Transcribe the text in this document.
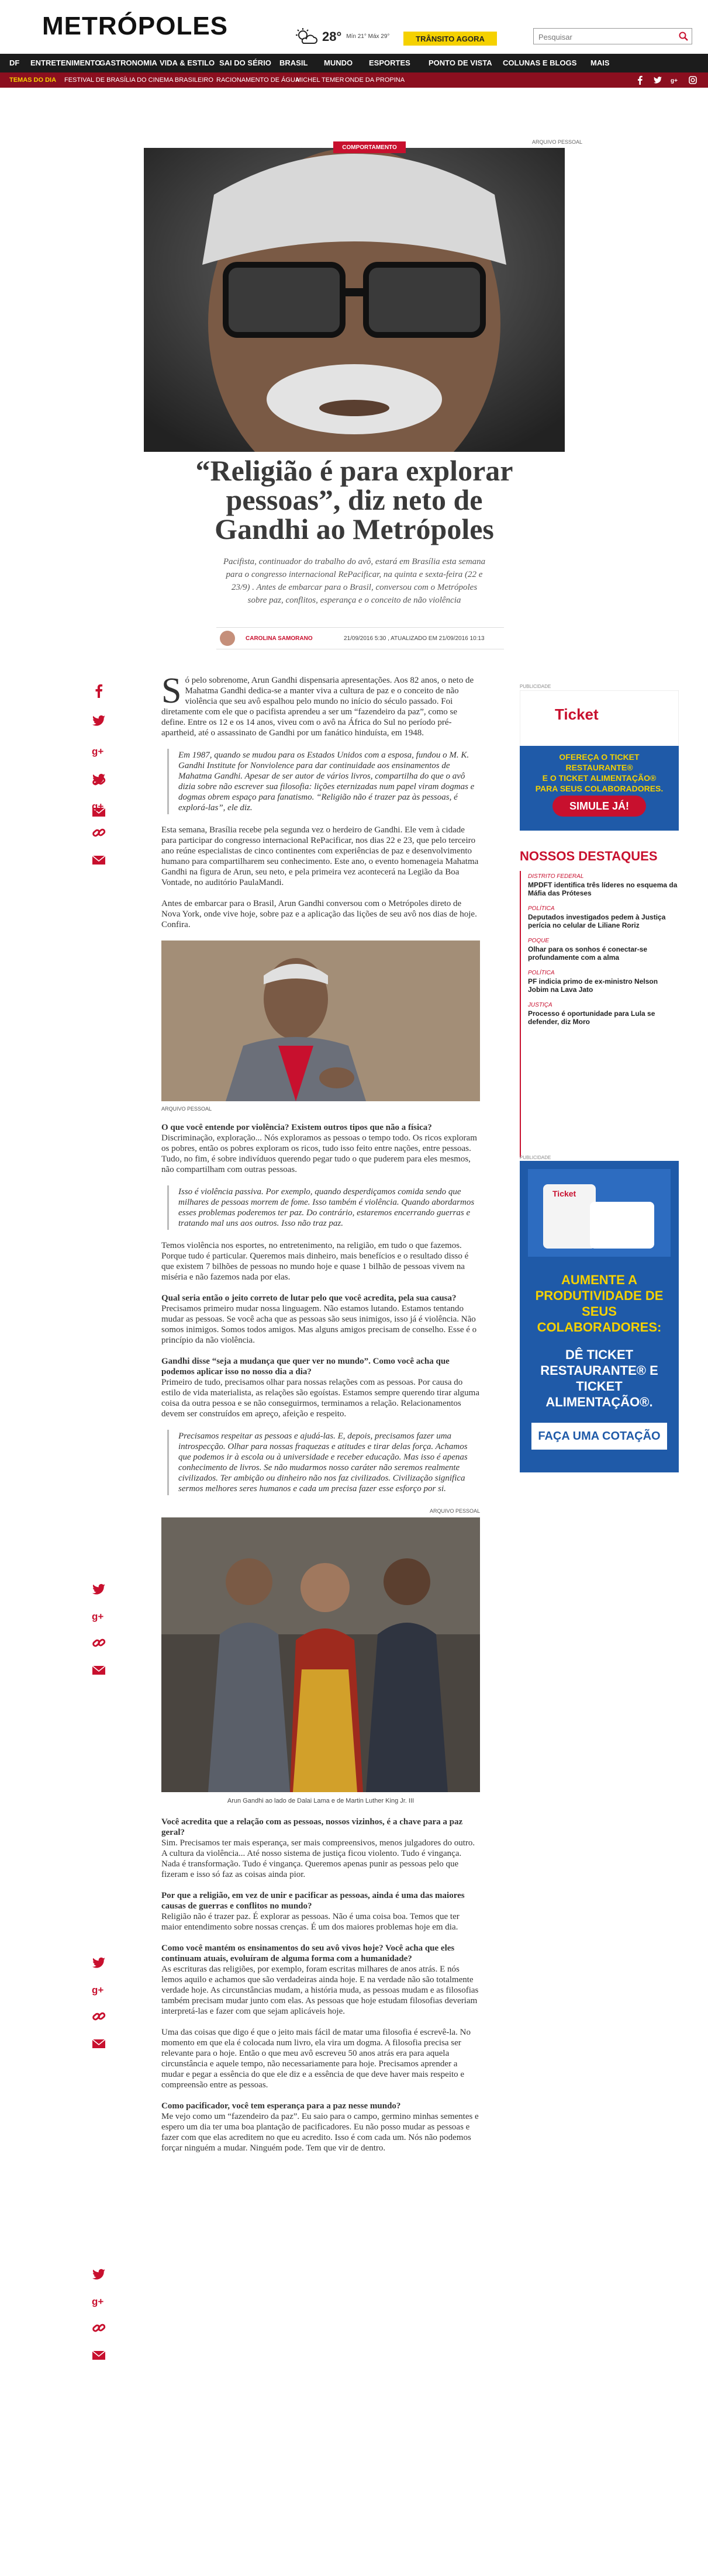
METRÓPOLES	28° Mín 21° Máx 29°	TRÂNSITO AGORA
Pesquisar
DF ENTRETENIMENTO
GASTRONOMIA VIDA & ESTILO SAI DO SÉRIO BRASIL MUNDO ESPORTES PONTO DE VISTA COLUNAS E BLOGS MAIS
TEMAS DO DIA FESTIVAL DE BRASÍLIA DO CINEMA BRASILEIRO RACIONAMENTO DE ÁGUA
MICHEL TEMER ONDE DA PROPINA	g+
COMPORTAMENTO
ARQUIVO PESSOAL
“Religião é para explorar pessoas”, diz neto de Gandhi ao Metrópoles
Pacifista, continuador do trabalho do avô, estará em Brasília esta semana para o congresso internacional RePacificar, na quinta e sexta-feira (22 e 23/9) . Antes de embarcar para o Brasil, conversou com o Metrópoles sobre paz, conflitos, esperança e o conceito de não violência
CAROLINA SAMORANO	21/09/2016 5:30 , ATUALIZADO EM 21/09/2016 10:13
g+
g+
g+
g+
g+

Só pelo sobrenome, Arun Gandhi dispensaria apresentações. Aos 82 anos, o neto de Mahatma Gandhi dedica-se a manter viva a cultura de paz e o conceito de não violência que seu avô espalhou pelo mundo no início do século passado. Foi diretamente com ele que o pacifista aprendeu a ser um “fazendeiro da paz”, como se define. Entre os 12 e os 14 anos, viveu com o avô na África do Sul no período pré-apartheid, até o assassinato de Gandhi por um fanático hinduísta, em 1948.

Em 1987, quando se mudou para os Estados Unidos com a esposa, fundou o M. K. Gandhi Institute for Nonviolence para dar continuidade aos ensinamentos de Mahatma Gandhi. Apesar de ser autor de vários livros, compartilha do que o avô dizia sobre não escrever sua filosofia: lições eternizadas num papel viram dogmas e dogmas obrem espaço para fanatismo. “Religião não é trazer paz às pessoas, é explorá-las”, ele diz.

Esta semana, Brasília recebe pela segunda vez o herdeiro de Gandhi. Ele vem à cidade para participar do congresso internacional RePacificar, nos dias 22 e 23, que pelo terceiro ano reúne especialistas de cinco continentes com experiências de paz e desenvolvimento humano para compartilharem seu conhecimento. Este ano, o evento homenageia Mahatma Gandhi na figura de Arun, seu neto, e pela primeira vez acontecerá na Legião da Boa Vontade, no auditório PaulaMandi.

Antes de embarcar para o Brasil, Arun Gandhi conversou com o Metrópoles direto de Nova York, onde vive hoje, sobre paz e a aplicação das lições de seu avô nos dias de hoje. Confira.

ARQUIVO PESSOAL

O que você entende por violência? Existem outros tipos que não a física?

Discriminação, exploração... Nós exploramos as pessoas o tempo todo. Os ricos exploram os pobres, então os pobres exploram os ricos, tudo isso feito entre nações, entre pessoas. Tudo, no fim, é sobre indivíduos querendo pegar tudo o que puderem para eles mesmos, não compartilham com outras pessoas.

Isso é violência passiva. Por exemplo, quando desperdiçamos comida sendo que milhares de pessoas morrem de fome. Isso também é violência. Quando abordarmos esses problemas poderemos ter paz. Do contrário, estaremos encerrando guerras e tratando mal uns aos outros. Isso não traz paz.

Temos violência nos esportes, no entretenimento, na religião, em tudo o que fazemos. Porque tudo é particular. Queremos mais dinheiro, mais benefícios e o resultado disso é que existem 7 bilhões de pessoas no mundo hoje e quase 1 bilhão de pessoas vivem na miséria e não fazemos nada por elas.

Qual seria então o jeito correto de lutar pelo que você acredita, pela sua causa?

Precisamos primeiro mudar nossa linguagem. Não estamos lutando. Estamos tentando mudar as pessoas. Se você acha que as pessoas são seus inimigos, isso já é violência. Não somos inimigos. Somos todos amigos. Mas alguns amigos precisam de conselho. Esse é o princípio da não violência.

Gandhi disse “seja a mudança que quer ver no mundo”. Como você acha que podemos aplicar isso no nosso dia a dia?

Primeiro de tudo, precisamos olhar para nossas relações com as pessoas. Por causa do estilo de vida materialista, as relações são egoístas. Estamos sempre querendo tirar alguma coisa da outra pessoa e se não conseguirmos, terminamos a relação. Relacionamentos devem ser construídos em apreço, afeição e respeito.

Precisamos respeitar as pessoas e ajudá-las. E, depois, precisamos fazer uma introspecção. Olhar para nossas fraquezas e atitudes e tirar delas força. Achamos que podemos ir à escola ou à universidade e receber educação. Mas isso é apenas conhecimento de livros. Se não mudarmos nosso caráter não seremos realmente civilizados. Ter ambição ou dinheiro não nos faz civilizados. Civilização significa sermos melhores seres humanos e cada um precisa fazer esse esforço por si.

ARQUIVO PESSOAL
Arun Gandhi ao lado de Dalai Lama e de Martin Luther King Jr. III

Você acredita que a relação com as pessoas, nossos vizinhos, é a chave para a paz geral?

Sim. Precisamos ter mais esperança, ser mais compreensivos, menos julgadores do outro. A cultura da violência... Até nosso sistema de justiça ficou violento. Tudo é vingança. Nada é transformação. Tudo é vingança. Queremos apenas punir as pessoas pelo que fizeram e isso só faz as coisas ainda pior.

Por que a religião, em vez de unir e pacificar as pessoas, ainda é uma das maiores causas de guerras e conflitos no mundo?

Religião não é trazer paz. É explorar as pessoas. Não é uma coisa boa. Temos que ter maior entendimento sobre nossas crenças. É um dos maiores problemas hoje em dia.

Como você mantém os ensinamentos do seu avô vivos hoje? Você acha que eles continuam atuais, evoluíram de alguma forma com a humanidade?

As escrituras das religiões, por exemplo, foram escritas milhares de anos atrás. E nós lemos aquilo e achamos que são verdadeiras ainda hoje. E na verdade não são totalmente verdade hoje. As circunstâncias mudam, a história muda, as pessoas mudam e as filosofias também precisam mudar junto com elas. As pessoas que hoje estudam filosofias deveriam interpretá-las e fazer com que sejam aplicáveis hoje.

Uma das coisas que digo é que o jeito mais fácil de matar uma filosofia é escrevê-la. No momento em que ela é colocada num livro, ela vira um dogma. A filosofia precisa ser relevante para o hoje. Então o que meu avô escreveu 50 anos atrás era para aquela circunstância e aquele tempo, não necessariamente para hoje. Precisamos aprender a mudar e pegar a essência do que ele diz e a essência de que deve haver mais respeito e compreensão entre as pessoas.

Como pacificador, você tem esperança para a paz nesse mundo?

Me vejo como um “fazendeiro da paz”. Eu saio para o campo, germino minhas sementes e espero um dia ter uma boa plantação de pacificadores. Eu não posso mudar as pessoas e fazer com que elas acreditem no que eu acredito. Isso é com cada um. Nós não podemos forçar ninguém a mudar. Ninguém pode. Tem que vir de dentro.

PUBLICIDADE
Ticket
OFEREÇA O TICKET RESTAURANTE®
E O TICKET ALIMENTAÇÃO®
PARA SEUS COLABORADORES.
SIMULE JÁ!
NOSSOS DESTAQUES
DISTRITO FEDERAL
MPDFT identifica três líderes no esquema da Máfia das Próteses
POLÍTICA
Deputados investigados pedem à Justiça perícia no celular de Liliane Roriz
POQUE
Olhar para os sonhos é conectar-se profundamente com a alma
POLÍTICA
PF indicia primo de ex-ministro Nelson Jobim na Lava Jato
JUSTIÇA
Processo é oportunidade para Lula se defender, diz Moro
PUBLICIDADE
Ticket
AUMENTE A PRODUTIVIDADE DE SEUS COLABORADORES:
DÊ TICKET RESTAURANTE® E TICKET ALIMENTAÇÃO®.
FAÇA UMA COTAÇÃO
